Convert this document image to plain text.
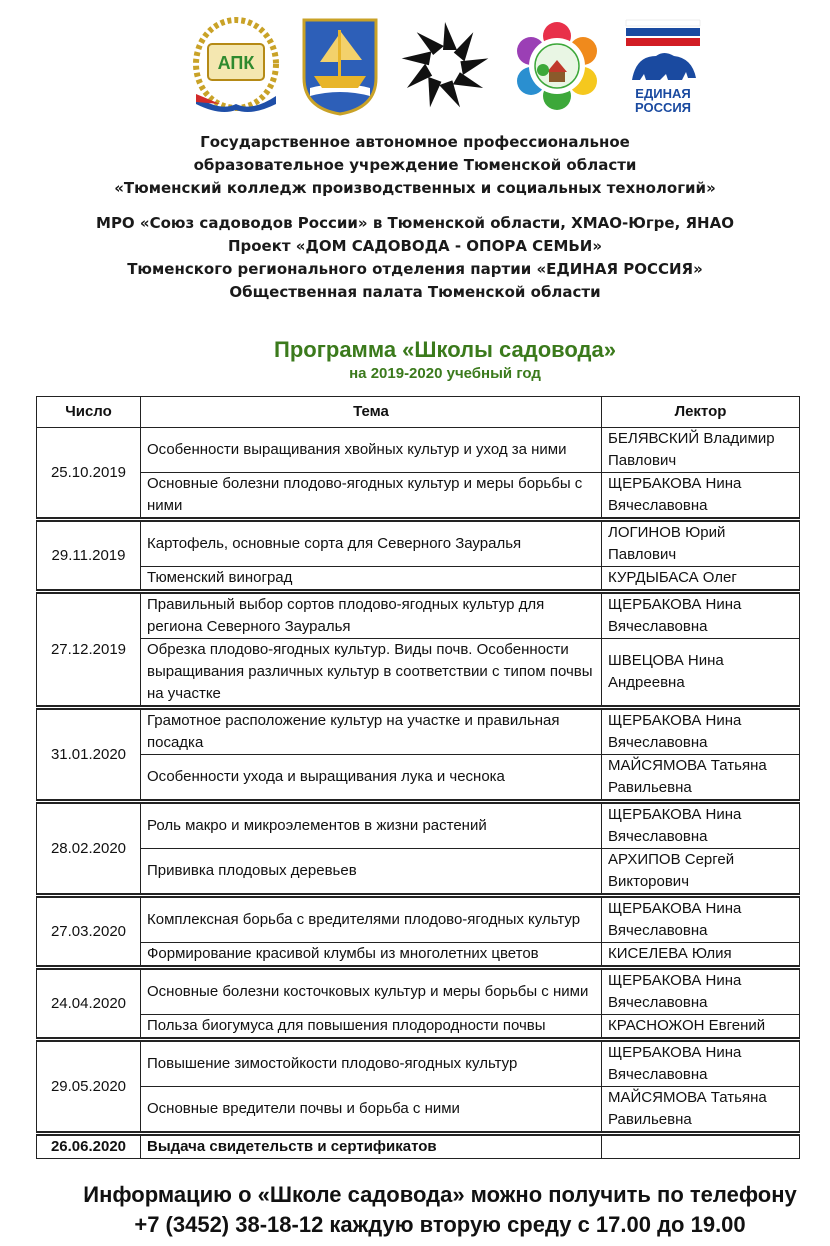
АПК
ЕДИНАЯ
РОССИЯ
Государственное автономное профессиональное
образовательное учреждение Тюменской области
«Тюменский колледж производственных и социальных технологий»
МРО «Союз садоводов России» в Тюменской области, ХМАО-Югре, ЯНАО
Проект «ДОМ САДОВОДА - ОПОРА СЕМЬИ»
Тюменского регионального отделения партии «ЕДИНАЯ РОССИЯ»
Общественная палата Тюменской области
Программа «Школы садовода»
на 2019-2020 учебный год
Число	Тема	Лектор
25.10.2019	Особенности выращивания хвойных культур и уход за ними	БЕЛЯВСКИЙ Владимир Павлович
	Основные болезни плодово-ягодных культур и меры борьбы с ними	ЩЕРБАКОВА Нина Вячеславовна
29.11.2019	Картофель, основные сорта для Северного Зауралья	ЛОГИНОВ Юрий Павлович
	Тюменский виноград	КУРДЫБАСА Олег
27.12.2019	Правильный выбор сортов плодово-ягодных культур для региона Северного Зауралья	ЩЕРБАКОВА Нина Вячеславовна
	Обрезка плодово-ягодных культур. Виды почв. Особенности выращивания различных культур в соответствии с типом почвы на участке	ШВЕЦОВА Нина Андреевна
31.01.2020	Грамотное расположение культур на участке и правильная посадка	ЩЕРБАКОВА Нина Вячеславовна
	Особенности ухода и выращивания лука и чеснока	МАЙСЯМОВА Татьяна Равильевна
28.02.2020	Роль макро и микроэлементов в жизни растений	ЩЕРБАКОВА Нина Вячеславовна
	Прививка плодовых деревьев	АРХИПОВ Сергей Викторович
27.03.2020	Комплексная борьба с вредителями плодово-ягодных культур	ЩЕРБАКОВА Нина Вячеславовна
	Формирование красивой клумбы из многолетних цветов	КИСЕЛЕВА Юлия
24.04.2020	Основные болезни косточковых культур и меры борьбы с ними	ЩЕРБАКОВА Нина Вячеславовна
	Польза биогумуса для повышения плодородности почвы	КРАСНОЖОН Евгений
29.05.2020	Повышение зимостойкости плодово-ягодных культур	ЩЕРБАКОВА Нина Вячеславовна
	Основные вредители почвы и борьба с ними	МАЙСЯМОВА Татьяна Равильевна
26.06.2020	Выдача свидетельств и сертификатов	
Информацию о «Школе садовода» можно получить по телефону
+7 (3452) 38-18-12 каждую вторую среду с 17.00 до 19.00
